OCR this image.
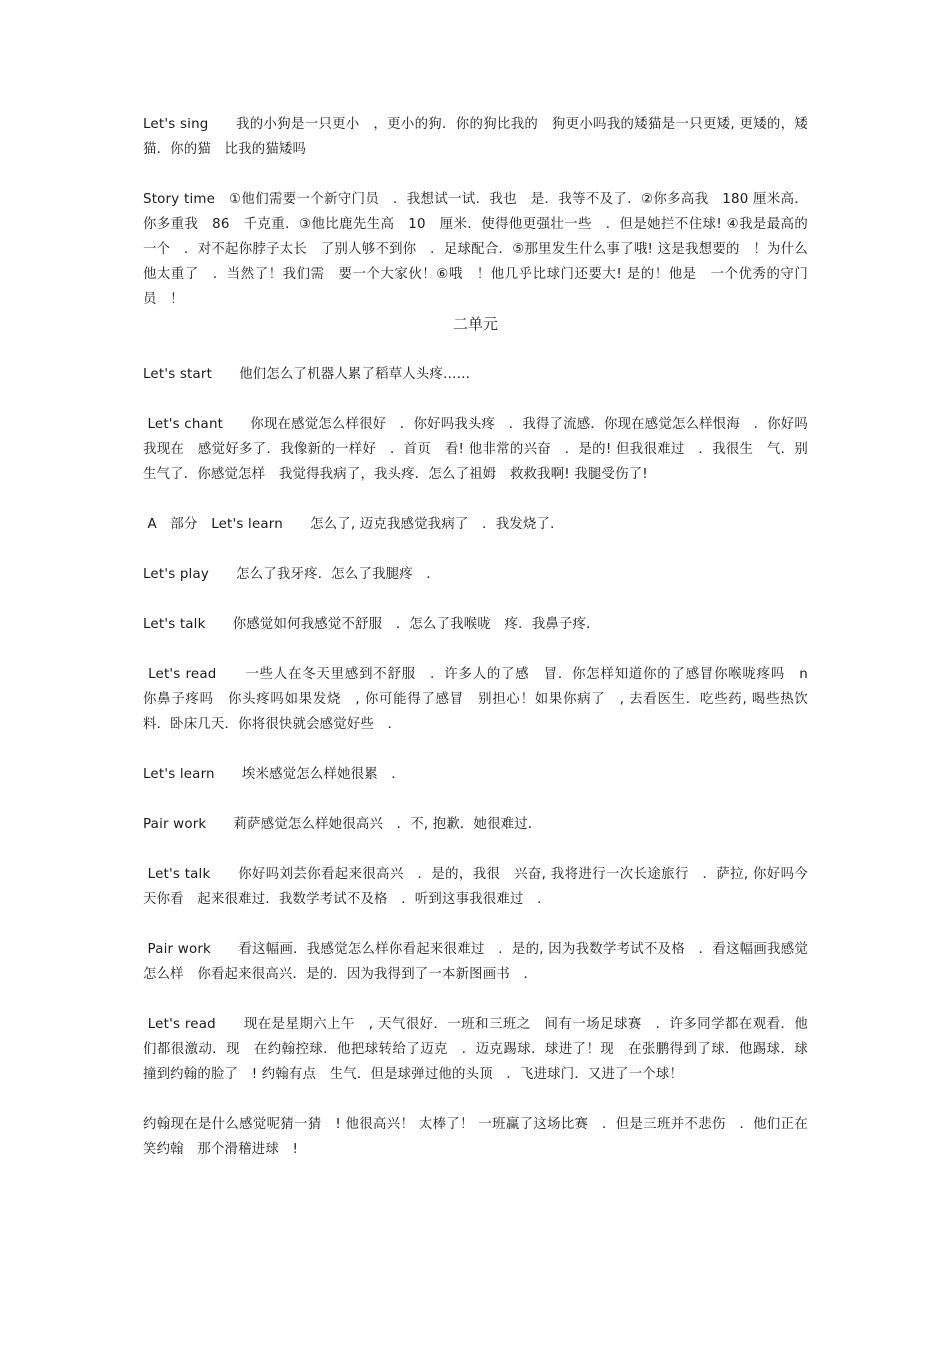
Let's sing　　我的小狗是一只更小　，更小的狗．你的狗比我的　狗更小吗我的矮猫是一只更矮, 更矮的，矮猫．你的猫　比我的猫矮吗

Story time　①他们需要一个新守门员　．我想试一试．我也　是．我等不及了．②你多高我　180 厘米高．你多重我　86　千克重．③他比鹿先生高　10　厘米．使得他更强壮一些　．但是她拦不住球! ④我是最高的一个　．对不起你脖子太长　了别人够不到你　．足球配合．⑤那里发生什么事了哦! 这是我想要的　！为什么他太重了　．当然了！我们需　要一个大家伙！⑥哦　！他几乎比球门还要大! 是的！他是　一个优秀的守门员　！

二单元

Let's start　　他们怎么了机器人累了稻草人头疼……

Let's chant　　你现在感觉怎么样很好　．你好吗我头疼　．我得了流感．你现在感觉怎么样恨海　．你好吗我现在　感觉好多了．我像新的一样好　．首页　看! 他非常的兴奋　．是的! 但我很难过　．我很生　气．别生气了．你感觉怎样　我觉得我病了，我头疼．怎么了祖姆　救救我啊! 我腿受伤了!

A　部分　Let's learn　　怎么了, 迈克我感觉我病了　．我发烧了．

Let's play　　怎么了我牙疼．怎么了我腿疼　．

Let's talk　　你感觉如何我感觉不舒服　．怎么了我喉咙　疼．我鼻子疼．

Let's read　　一些人在冬天里感到不舒服　．许多人的了感　冒．你怎样知道你的了感冒你喉咙疼吗　n　你鼻子疼吗　你头疼吗如果发烧　, 你可能得了感冒　别担心！如果你病了　, 去看医生．吃些药, 喝些热饮料．卧床几天．你将很快就会感觉好些　．

Let's learn　　埃米感觉怎么样她很累　．

Pair work　　莉萨感觉怎么样她很高兴　．不, 抱歉．她很难过．

Let's talk　　你好吗刘芸你看起来很高兴　．是的，我很　兴奋, 我将进行一次长途旅行　．萨拉, 你好吗今天你看　起来很难过．我数学考试不及格　．听到这事我很难过　．

Pair work　　看这幅画．我感觉怎么样你看起来很难过　．是的, 因为我数学考试不及格　．看这幅画我感觉怎么样　你看起来很高兴．是的．因为我得到了一本新图画书　．

Let's read　　现在是星期六上午　, 天气很好．一班和三班之　间有一场足球赛　．许多同学都在观看．他们都很激动．现　在约翰控球．他把球转给了迈克　．迈克踢球．球进了！现　在张鹏得到了球．他踢球．球撞到约翰的脸了　! 约翰有点　生气．但是球弹过他的头顶　．飞进球门．又进了一个球！

约翰现在是什么感觉呢猜一猜　! 他很高兴！ 太棒了！ 一班赢了这场比赛　．但是三班并不悲伤　．他们正在笑约翰　那个滑稽进球　!
